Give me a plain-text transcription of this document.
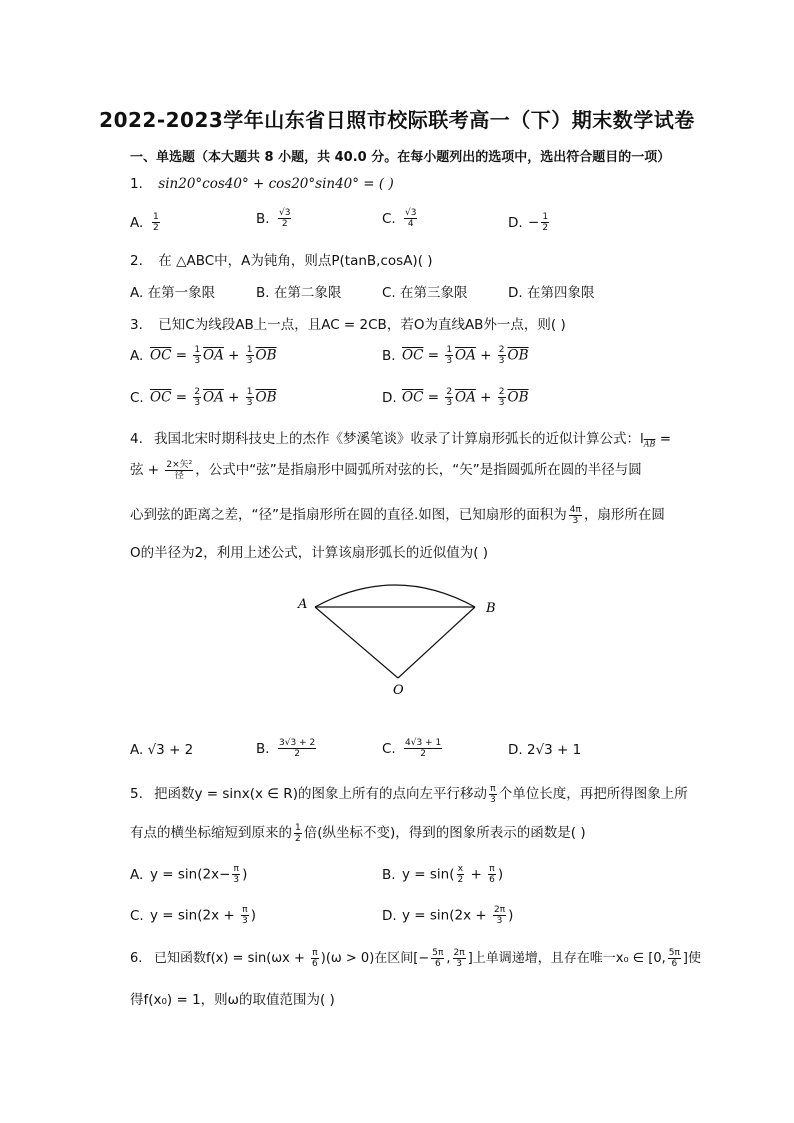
2022-2023学年山东省日照市校际联考高一（下）期末数学试卷
一、单选题（本大题共 8 小题，共 40.0 分。在每小题列出的选项中，选出符合题目的一项）
1. sin20°cos40° + cos20°sin40° = ( )
A. $\frac{1}{2}$	B. $\frac{√3}{2}$	C. $\frac{√3}{4}$	D. − $\frac{1}{2}$
2. 在 △ABC中，A为钝角，则点P(tanB,cosA)( )
A. 在第一象限	B. 在第二象限	C. 在第三象限	D. 在第四象限
3. 已知C为线段AB上一点，且AC = 2CB，若O为直线AB外一点，则( )
A. $\overline{OC} = \frac{1}{3} \overline{OA} + \frac{1}{3} \overline{OB}$	B. $\overline{OC} = \frac{1}{3} \overline{OA} + \frac{2}{3} \overline{OB}$
C. $\overline{OC} = \frac{2}{3} \overline{OA} + \frac{1}{3} \overline{OB}$	D. $\overline{OC} = \frac{2}{3} \overline{OA} + \frac{2}{3} \overline{OB}$
4. 我国北宋时期科技史上的杰作《梦溪笔谈》收录了计算扇形弧长的近似计算公式：$l_{\overline{AB}}$ =
弦 + $\frac{\text{2×矢²}}{\text{径}}$ ，公式中“弦”是指扇形中圆弧所对弦的长，“矢”是指圆弧所在圆的半径与圆
心到弦的距离之差，“径”是指扇形所在圆的直径.如图，已知扇形的面积为 $\frac{4\pi}{3}$ ，扇形所在圆
O的半径为2，利用上述公式，计算该扇形弧长的近似值为( )
A	B
O
A. √3 + 2	B. $\frac{3√3 + 2}{2}$	C. $\frac{4√3 + 1}{2}$	D. 2√3 + 1
5. 把函数y = sinx(x ∈ R)的图象上所有的点向左平行移动 $\frac{\pi}{3}$ 个单位长度，再把所得图象上所
有点的横坐标缩短到原来的 $\frac{1}{2}$ 倍(纵坐标不变)，得到的图象所表示的函数是( )
A. $y = \sin(2x- \frac{\pi}{3}$ )	B. $y = \sin( \frac{x}{2} + \frac{\pi}{6}$ )
C. $y = \sin(2x + \frac{\pi}{3}$ )	D. $y = \sin(2x + \frac{2\pi}{3}$ )
6. 已知函数$f(x) = \sin(\omega x + \frac{\pi}{6} )(\omega > 0)$在区间[− $\frac{5\pi}{6}$ , $\frac{2\pi}{3}$ ]上单调递增，且存在唯一x₀ ∈ [0, $\frac{5\pi}{6}$ ]使
得f(x₀) = 1，则ω的取值范围为( )
